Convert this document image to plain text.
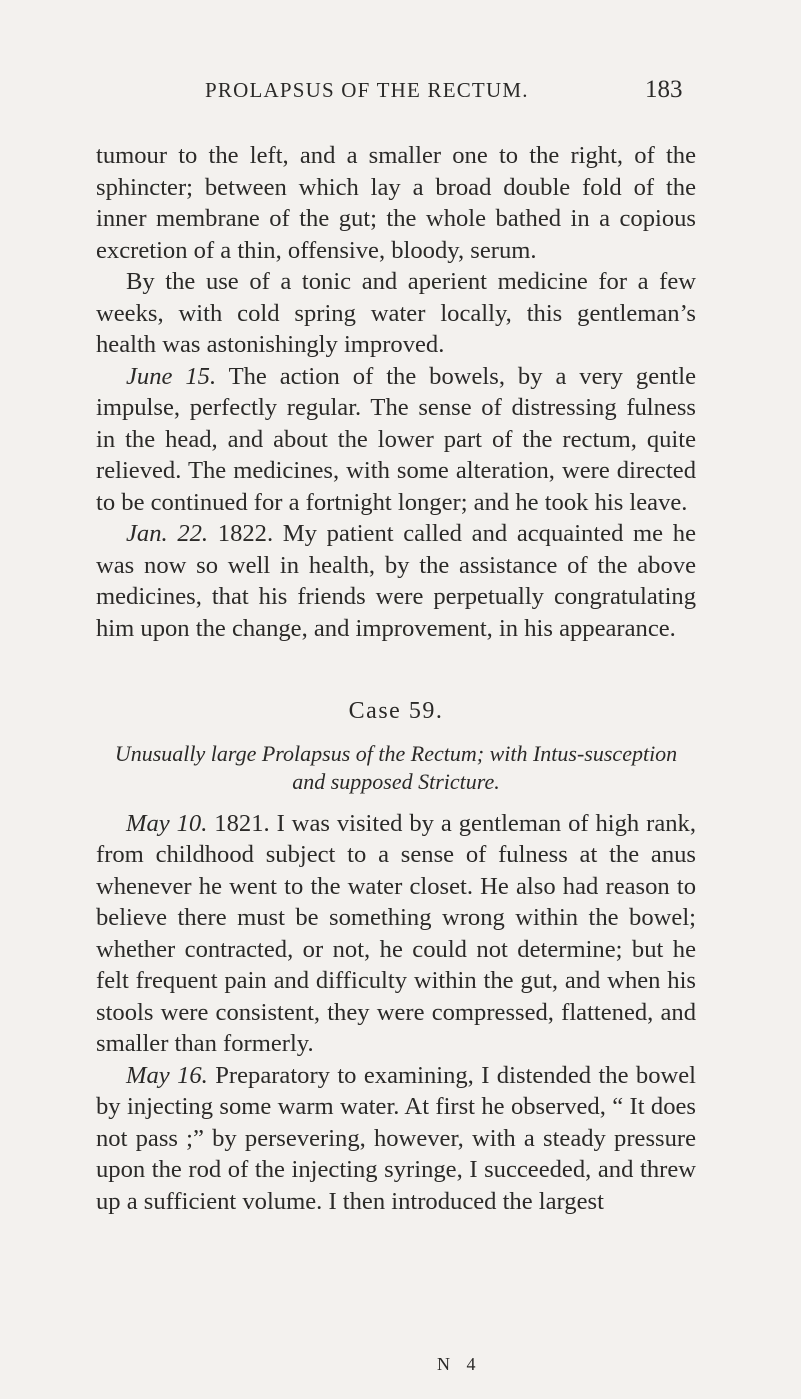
PROLAPSUS OF THE RECTUM.	183

tumour to the left, and a smaller one to the right, of the sphincter; between which lay a broad double fold of the inner membrane of the gut; the whole bathed in a copious excretion of a thin, offensive, bloody, serum.

By the use of a tonic and aperient medicine for a few weeks, with cold spring water locally, this gentleman’s health was astonishingly improved.

June 15. The action of the bowels, by a very gentle impulse, perfectly regular. The sense of distressing fulness in the head, and about the lower part of the rectum, quite relieved. The medicines, with some alteration, were directed to be continued for a fortnight longer; and he took his leave.

Jan. 22. 1822. My patient called and acquainted me he was now so well in health, by the assistance of the above medicines, that his friends were perpetually congratulating him upon the change, and improvement, in his appearance.

Case 59.
Unusually large Prolapsus of the Rectum; with Intus-susception and supposed Stricture.

May 10. 1821. I was visited by a gentleman of high rank, from childhood subject to a sense of fulness at the anus whenever he went to the water closet. He also had reason to believe there must be something wrong within the bowel; whether contracted, or not, he could not determine; but he felt frequent pain and difficulty within the gut, and when his stools were consistent, they were compressed, flattened, and smaller than formerly.

May 16. Preparatory to examining, I distended the bowel by injecting some warm water. At first he observed, “ It does not pass ;” by persevering, however, with a steady pressure upon the rod of the injecting syringe, I succeeded, and threw up a sufficient volume. I then introduced the largest

N 4
